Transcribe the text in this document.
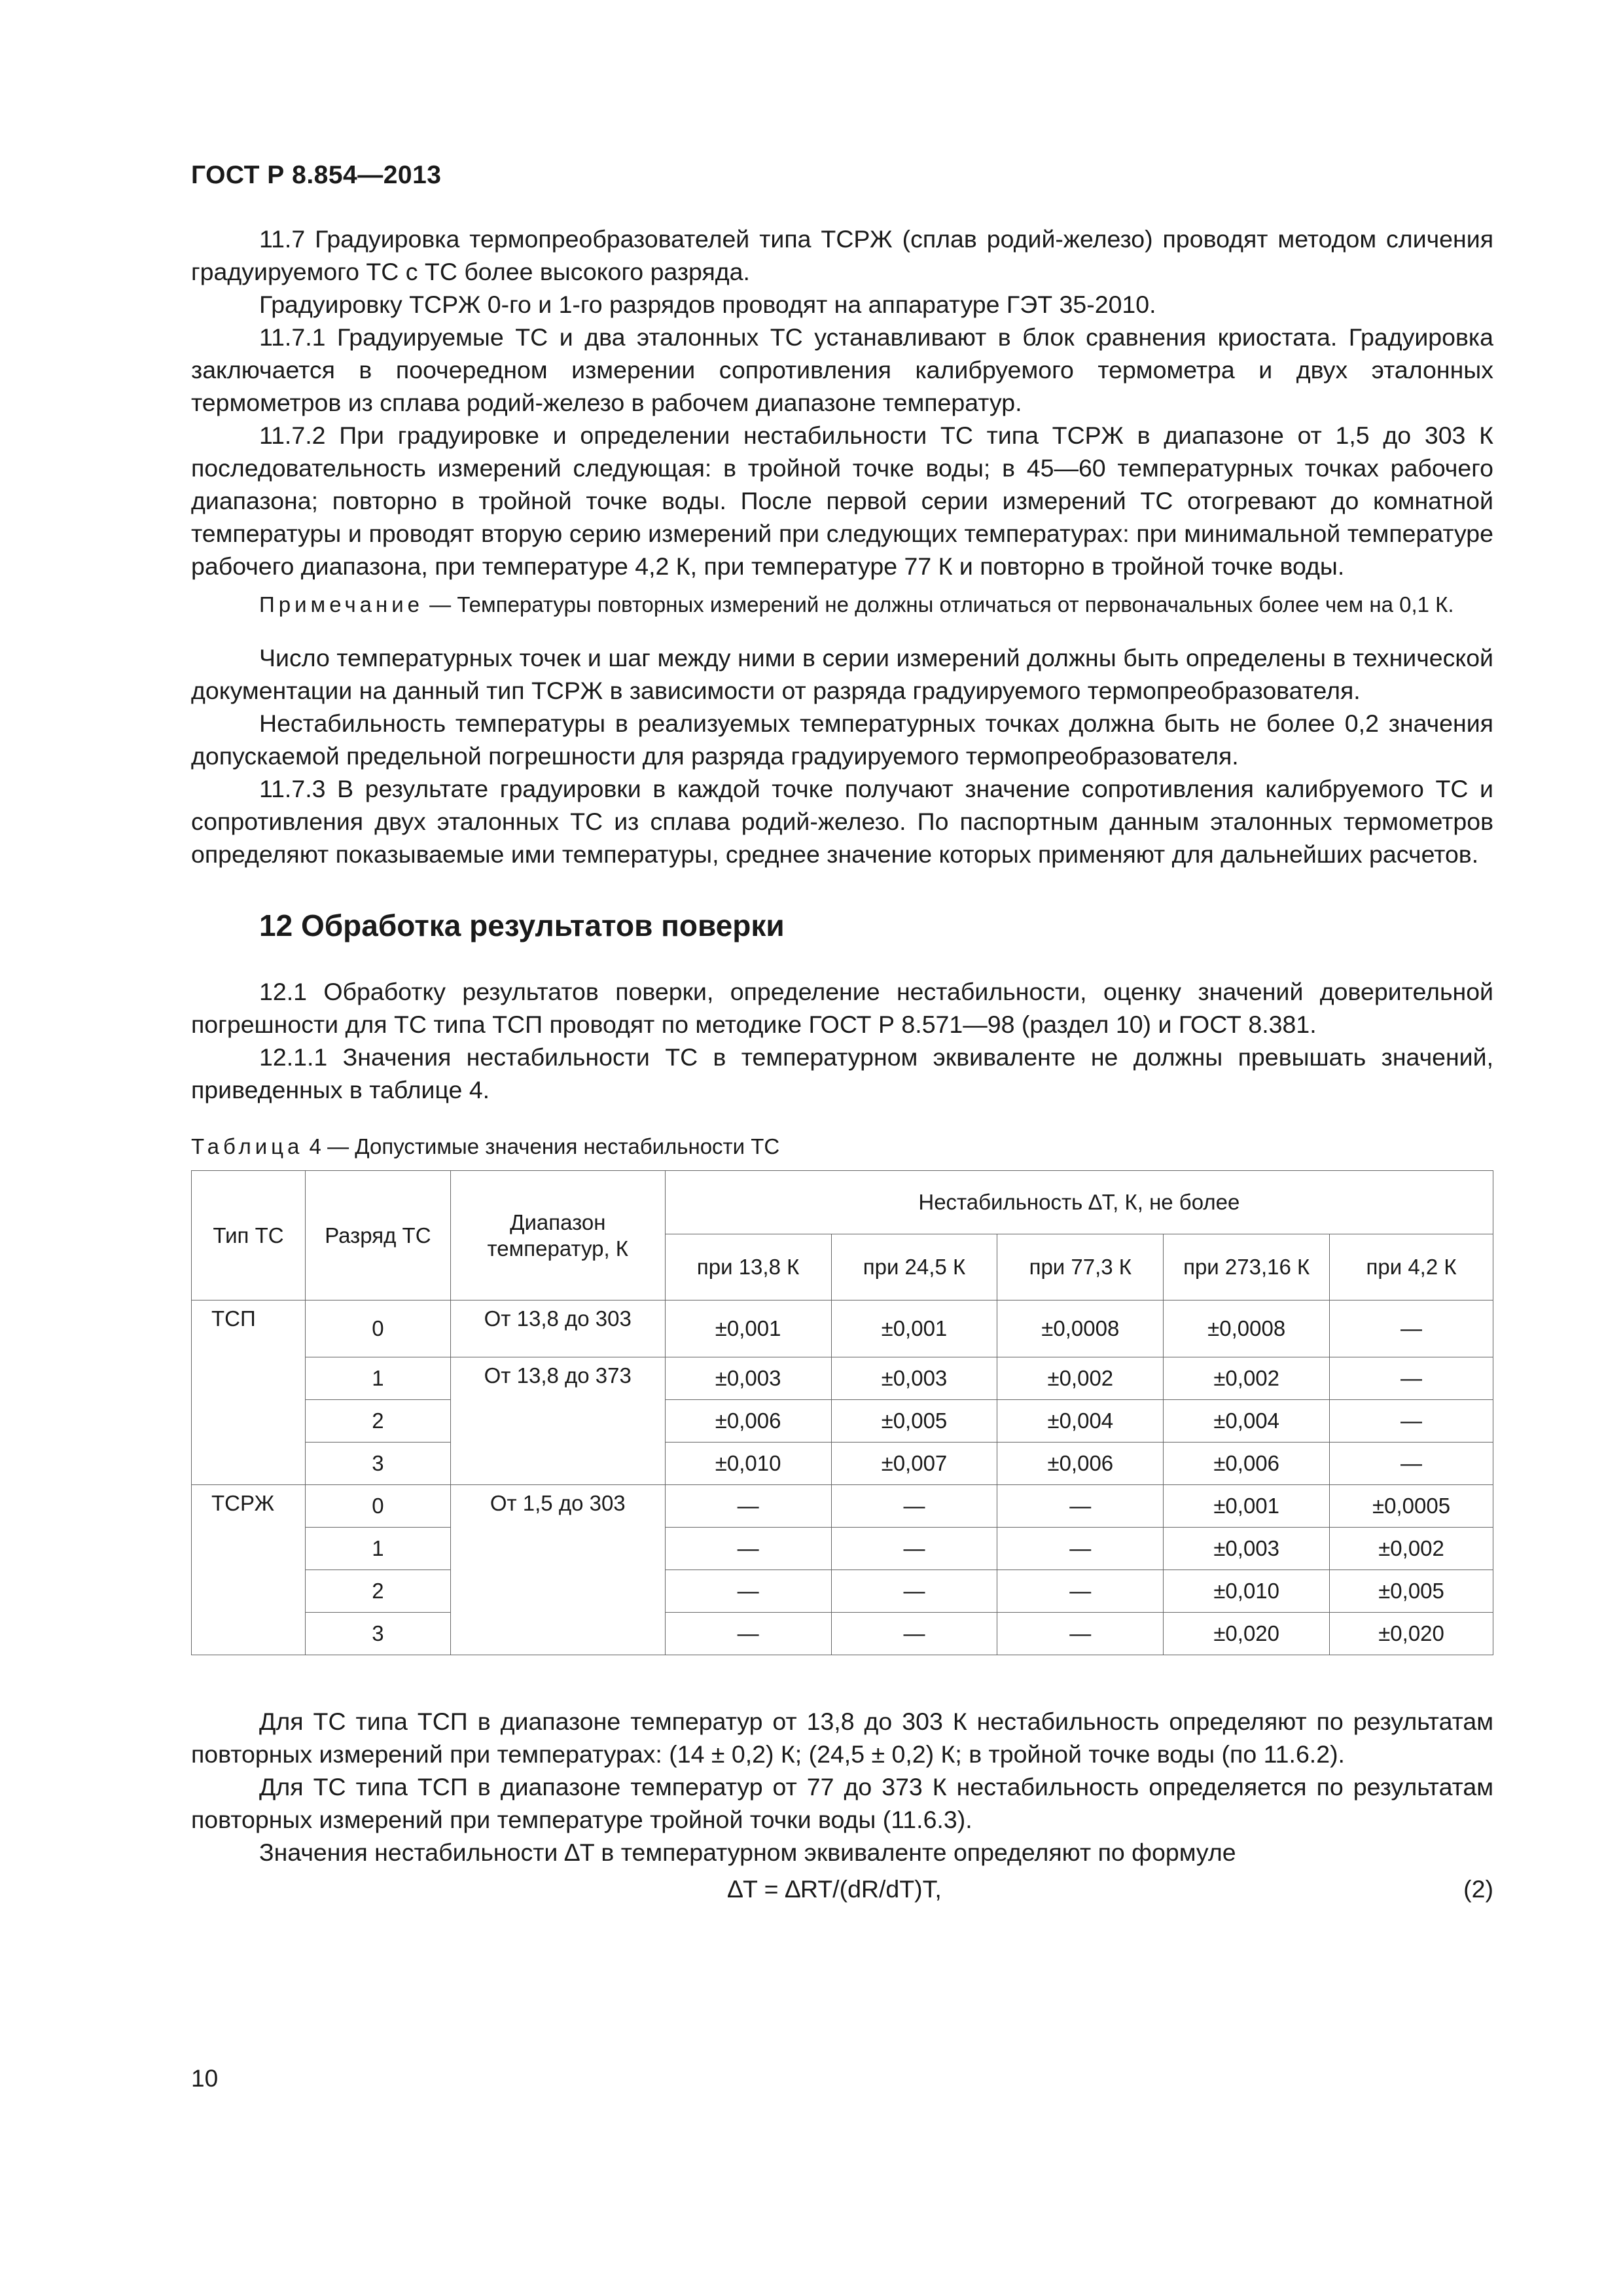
ГОСТ Р 8.854—2013

11.7 Градуировка термопреобразователей типа ТСРЖ (сплав родий-железо) проводят методом сличения градуируемого ТС с ТС более высокого разряда.

Градуировку ТСРЖ 0-го и 1-го разрядов проводят на аппаратуре ГЭТ 35-2010.

11.7.1 Градуируемые ТС и два эталонных ТС устанавливают в блок сравнения криостата. Градуировка заключается в поочередном измерении сопротивления калибруемого термометра и двух эталонных термометров из сплава родий-железо в рабочем диапазоне температур.

11.7.2 При градуировке и определении нестабильности ТС типа ТСРЖ в диапазоне от 1,5 до 303 К последовательность измерений следующая: в тройной точке воды; в 45—60 температурных точках рабочего диапазона; повторно в тройной точке воды. После первой серии измерений ТС отогревают до комнатной температуры и проводят вторую серию измерений при следующих температурах: при минимальной температуре рабочего диапазона, при температуре 4,2 К, при температуре 77 К и повторно в тройной точке воды.

Примечание — Температуры повторных измерений не должны отличаться от первоначальных более чем на 0,1 К.

Число температурных точек и шаг между ними в серии измерений должны быть определены в технической документации на данный тип ТСРЖ в зависимости от разряда градуируемого термопреобразователя.

Нестабильность температуры в реализуемых температурных точках должна быть не более 0,2 значения допускаемой предельной погрешности для разряда градуируемого термопреобразователя.

11.7.3 В результате градуировки в каждой точке получают значение сопротивления калибруемого ТС и сопротивления двух эталонных ТС из сплава родий-железо. По паспортным данным эталонных термометров определяют показываемые ими температуры, среднее значение которых применяют для дальнейших расчетов.

12 Обработка результатов поверки

12.1 Обработку результатов поверки, определение нестабильности, оценку значений доверительной погрешности для ТС типа ТСП проводят по методике ГОСТ Р 8.571—98 (раздел 10) и ГОСТ 8.381.

12.1.1 Значения нестабильности ТС в температурном эквиваленте не должны превышать значений, приведенных в таблице 4.

Таблица 4 — Допустимые значения нестабильности ТС
Тип ТС	Разряд ТС	Диапазон температур, К	Нестабильность ∆T, К, не более				
			при 13,8 К	при 24,5 К	при 77,3 К	при 273,16 К	при 4,2 К
ТСП	0	От 13,8 до 303	±0,001	±0,001	±0,0008	±0,0008	—
	1	От 13,8 до 373	±0,003	±0,003	±0,002	±0,002	—
	2		±0,006	±0,005	±0,004	±0,004	—
	3		±0,010	±0,007	±0,006	±0,006	—
ТСРЖ	0	От 1,5 до 303	—	—	—	±0,001	±0,0005
	1		—	—	—	±0,003	±0,002
	2		—	—	—	±0,010	±0,005
	3		—	—	—	±0,020	±0,020

Для ТС типа ТСП в диапазоне температур от 13,8 до 303 К нестабильность определяют по результатам повторных измерений при температурах: (14 ± 0,2) К; (24,5 ± 0,2) К; в тройной точке воды (по 11.6.2).

Для ТС типа ТСП в диапазоне температур от 77 до 373 К нестабильность определяется по результатам повторных измерений при температуре тройной точки воды (11.6.3).

Значения нестабильности ∆T в температурном эквиваленте определяют по формуле

∆T = ∆RT/(dR/dT)T,	(2)
10
